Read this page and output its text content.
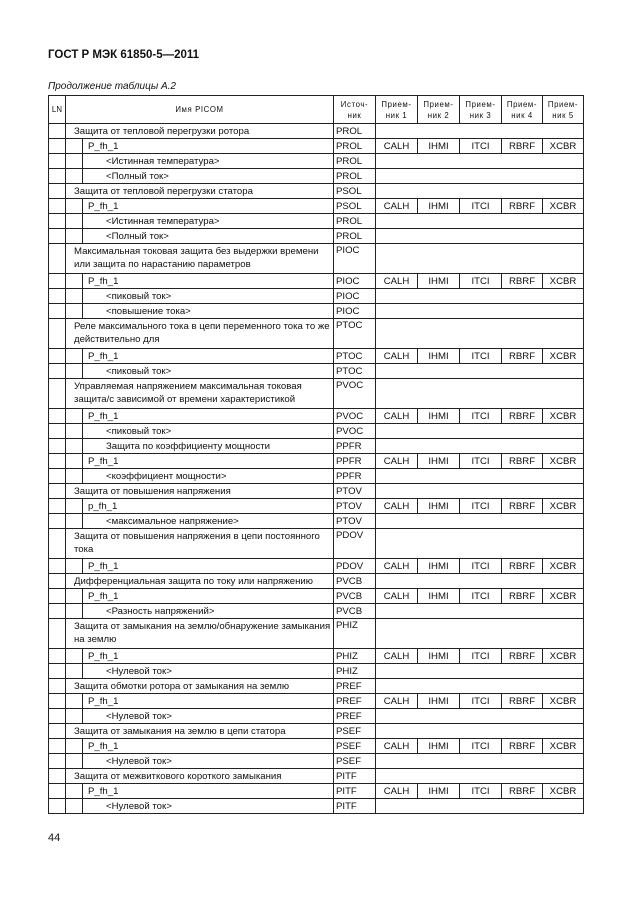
ГОСТ Р МЭК 61850-5—2011
Продолжение таблицы А.2
LN	Имя PICOM		Источ-ник	Прием-ник 1	Прием-ник 2	Прием-ник 3	Прием-ник 4	Прием-ник 5
	Защита от тепловой перегрузки ротора		PROL					
		P_fh_1	PROL	CALH	IHMI	ITCI	RBRF	XCBR
		<Истинная температура>	PROL					
		<Полный ток>	PROL					
	Защита от тепловой перегрузки статора		PSOL					
		P_fh_1	PSOL	CALH	IHMI	ITCI	RBRF	XCBR
		<Истинная температура>	PROL					
		<Полный ток>	PROL					
	Максимальная токовая защита без выдержки времени или защита по нарастанию параметров		PIOC					
		P_fh_1	PIOC	CALH	IHMI	ITCI	RBRF	XCBR
		<пиковый ток>	PIOC					
		<повышение тока>	PIOC					
	Реле максимального тока в цепи переменного тока то же действительно для		PTOC					
		P_fh_1	PTOC	CALH	IHMI	ITCI	RBRF	XCBR
		<пиковый ток>	PTOC					
	Управляемая напряжением максимальная токовая защита/с зависимой от времени характеристикой		PVOC					
		P_fh_1	PVOC	CALH	IHMI	ITCI	RBRF	XCBR
		<пиковый ток>	PVOC					
		Защита по коэффициенту мощности	PPFR					
		P_fh_1	PPFR	CALH	IHMI	ITCI	RBRF	XCBR
		<коэффициент мощности>	PPFR					
	Защита от повышения напряжения		PTOV					
		p_fh_1	PTOV	CALH	IHMI	ITCI	RBRF	XCBR
		<максимальное напряжение>	PTOV					
	Защита от повышения напряжения в цепи постоянного тока		PDOV					
		P_fh_1	PDOV	CALH	IHMI	ITCI	RBRF	XCBR
	Дифференциальная защита по току или напряжению		PVCB					
		P_fh_1	PVCB	CALH	IHMI	ITCI	RBRF	XCBR
		<Разность напряжений>	PVCB					
	Защита от замыкания на землю/обнаружение замыкания на землю		PHIZ					
		P_fh_1	PHIZ	CALH	IHMI	ITCI	RBRF	XCBR
		<Нулевой ток>	PHIZ					
	Защита обмотки ротора от замыкания на землю		PREF					
		P_fh_1	PREF	CALH	IHMI	ITCI	RBRF	XCBR
		<Нулевой ток>	PREF					
	Защита от замыкания на землю в цепи статора		PSEF					
		P_fh_1	PSEF	CALH	IHMI	ITCI	RBRF	XCBR
		<Нулевой ток>	PSEF					
	Защита от межвиткового короткого замыкания		PITF					
		P_fh_1	PITF	CALH	IHMI	ITCI	RBRF	XCBR
		<Нулевой ток>	PITF					
44
